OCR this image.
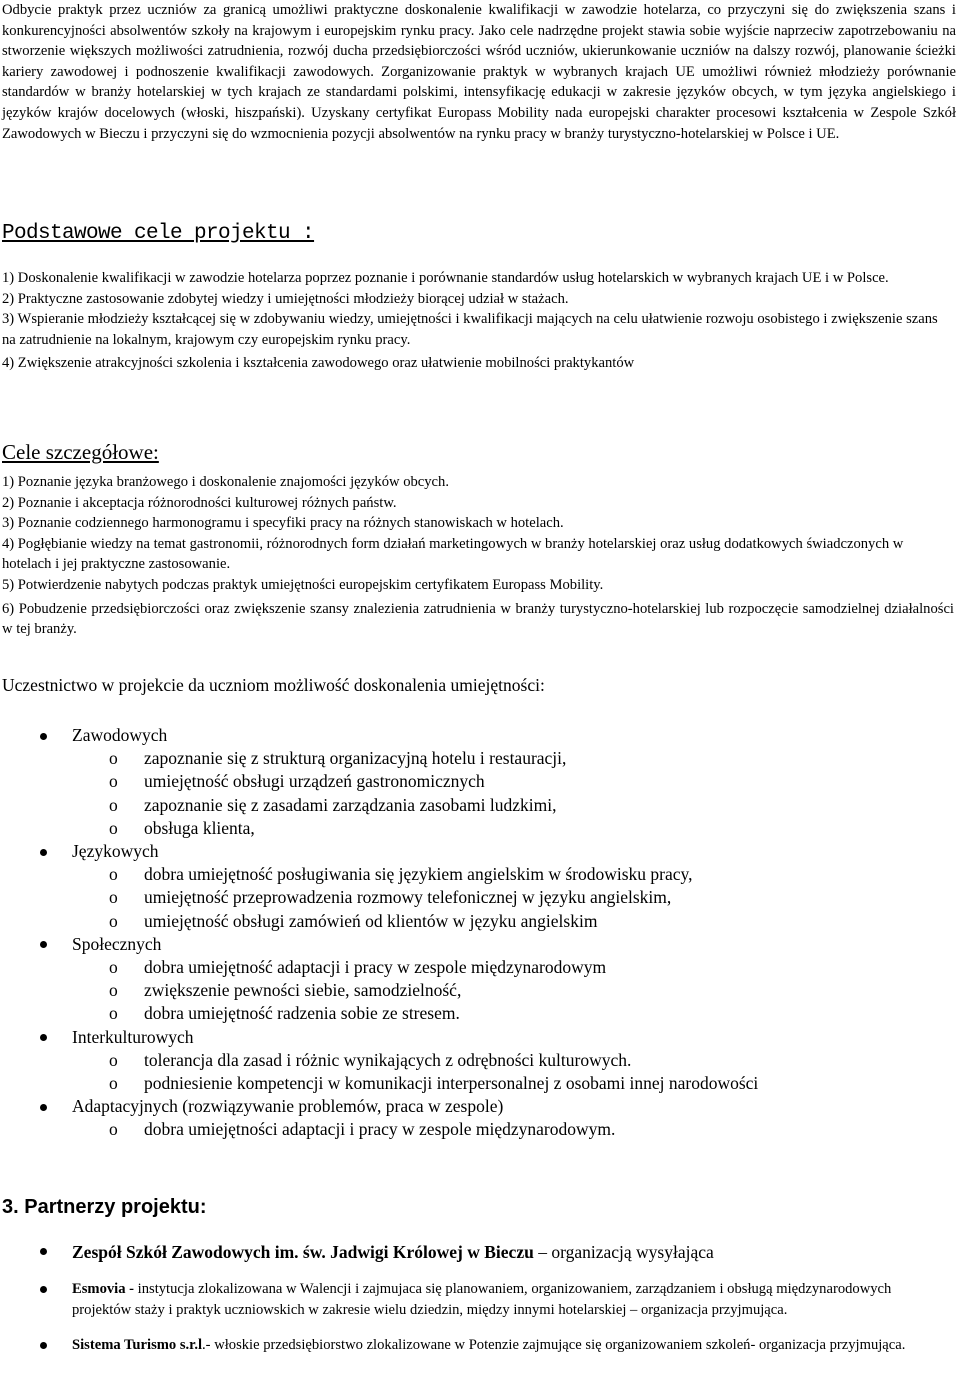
Odbycie praktyk przez uczniów za granicą umożliwi praktyczne doskonalenie kwalifikacji w zawodzie hotelarza, co przyczyni się do zwiększenia szans i konkurencyjności absolwentów szkoły na krajowym i europejskim rynku pracy. Jako cele nadrzędne projekt stawia sobie wyjście naprzeciw zapotrzebowaniu na stworzenie większych możliwości zatrudnienia, rozwój ducha przedsiębiorczości wśród uczniów, ukierunkowanie uczniów na dalszy rozwój, planowanie ścieżki kariery zawodowej i podnoszenie kwalifikacji zawodowych. Zorganizowanie praktyk w wybranych krajach UE umożliwi również młodzieży porównanie standardów w branży hotelarskiej w tych krajach ze standardami polskimi, intensyfikację edukacji w zakresie języków obcych, w tym języka angielskiego i języków krajów docelowych (włoski, hiszpański). Uzyskany certyfikat Europass Mobility nada europejski charakter procesowi kształcenia w Zespole Szkół Zawodowych w Bieczu i przyczyni się do wzmocnienia pozycji absolwentów na rynku pracy w branży turystyczno-hotelarskiej w Polsce i UE.

Podstawowe cele projektu :

1) Doskonalenie kwalifikacji w zawodzie hotelarza poprzez poznanie i porównanie standardów usług hotelarskich w wybranych krajach UE i w Polsce.

2) Praktyczne zastosowanie zdobytej wiedzy i umiejętności młodzieży biorącej udział w stażach.

3) Wspieranie młodzieży kształcącej się w zdobywaniu wiedzy, umiejętności i kwalifikacji mających na celu ułatwienie rozwoju osobistego i zwiększenie szans na zatrudnienie na lokalnym, krajowym czy europejskim rynku pracy.

4) Zwiększenie atrakcyjności szkolenia i kształcenia zawodowego oraz ułatwienie mobilności praktykantów

Cele szczegółowe:

1) Poznanie języka branżowego i doskonalenie znajomości języków obcych.

2) Poznanie i akceptacja różnorodności kulturowej różnych państw.

3) Poznanie codziennego harmonogramu i specyfiki pracy na różnych stanowiskach w hotelach.

4) Pogłębianie wiedzy na temat gastronomii, różnorodnych form działań marketingowych w branży hotelarskiej oraz usług dodatkowych świadczonych w hotelach i jej praktyczne zastosowanie.

5) Potwierdzenie nabytych podczas praktyk umiejętności europejskim certyfikatem Europass Mobility.

6) Pobudzenie przedsiębiorczości oraz zwiększenie szansy znalezienia zatrudnienia w branży turystyczno-hotelarskiej lub rozpoczęcie samodzielnej działalności w tej branży.

Uczestnictwo w projekcie da uczniom możliwość doskonalenia umiejętności:

Zawodowych
o zapoznanie się z strukturą organizacyjną hotelu i restauracji,
o umiejętność obsługi urządzeń gastronomicznych
o zapoznanie się z zasadami zarządzania zasobami ludzkimi,
o obsługa klienta,
Językowych
o dobra umiejętność posługiwania się językiem angielskim w środowisku pracy,
o umiejętność przeprowadzenia rozmowy telefonicznej w języku angielskim,
o umiejętność obsługi zamówień od klientów w języku angielskim
Społecznych
o dobra umiejętność adaptacji i pracy w zespole międzynarodowym
o zwiększenie pewności siebie, samodzielność,
o dobra umiejętność radzenia sobie ze stresem.
Interkulturowych
o tolerancja dla zasad i różnic wynikających z odrębności kulturowych.
o podniesienie kompetencji w komunikacji interpersonalnej z osobami innej narodowości
Adaptacyjnych (rozwiązywanie problemów, praca w zespole)
o dobra umiejętności adaptacji i pracy w zespole międzynarodowym.
3. Partnerzy projektu:

Zespół Szkół Zawodowych im. św. Jadwigi Królowej w Bieczu – organizacją wysyłająca

Esmovia - instytucja zlokalizowana w Walencji i zajmujaca się planowaniem, organizowaniem, zarządzaniem i obsługą międzynarodowych projektów staży i praktyk uczniowskich w zakresie wielu dziedzin, między innymi hotelarskiej – organizacja przyjmująca.

Sistema Turismo s.r.l.- włoskie przedsiębiorstwo zlokalizowane w Potenzie zajmujące się organizowaniem szkoleń- organizacja przyjmująca.
